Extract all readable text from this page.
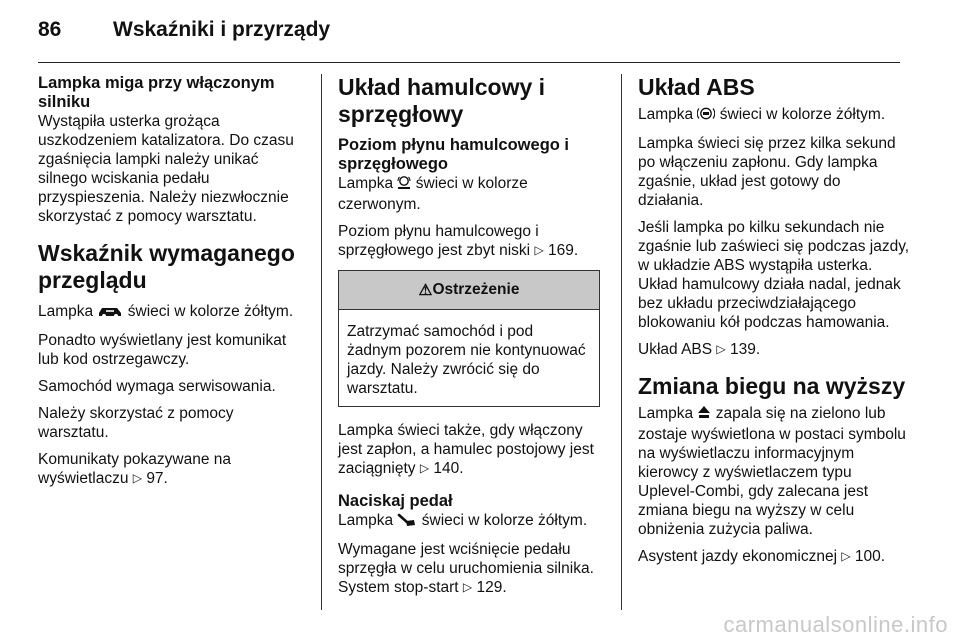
86 Wskaźniki i przyrządy
Lampka miga przy włączonym silniku

Wystąpiła usterka grożąca uszkodzeniem katalizatora. Do czasu zgaśnięcia lampki należy unikać silnego wciskania pedału przyspieszenia. Należy niezwłocznie skorzystać z pomocy warsztatu.

Wskaźnik wymaganego przeglądu

Lampka świeci w kolorze żółtym.

Ponadto wyświetlany jest komunikat lub kod ostrzegawczy.

Samochód wymaga serwisowania.

Należy skorzystać z pomocy warsztatu.

Komunikaty pokazywane na wyświetlaczu ▷ 97.

Układ hamulcowy i sprzęgłowy
Poziom płynu hamulcowego i sprzęgłowego

Lampka świeci w kolorze czerwonym.

Poziom płynu hamulcowego i sprzęgłowego jest zbyt niski ▷ 169.

⚠ Ostrzeżenie
Zatrzymać samochód i pod żadnym pozorem nie kontynuować jazdy. Należy zwrócić się do warsztatu.

Lampka świeci także, gdy włączony jest zapłon, a hamulec postojowy jest zaciągnięty ▷ 140.

Naciskaj pedał

Lampka świeci w kolorze żółtym.

Wymagane jest wciśnięcie pedału sprzęgła w celu uruchomienia silnika.

System stop-start ▷ 129.

Układ ABS

Lampka świeci w kolorze żółtym.

Lampka świeci się przez kilka sekund po włączeniu zapłonu. Gdy lampka zgaśnie, układ jest gotowy do działania.

Jeśli lampka po kilku sekundach nie zgaśnie lub zaświeci się podczas jazdy, w układzie ABS wystąpiła usterka. Układ hamulcowy działa nadal, jednak bez układu przeciwdziałającego blokowaniu kół podczas hamowania.

Układ ABS ▷ 139.

Zmiana biegu na wyższy

Lampka zapala się na zielono lub zostaje wyświetlona w postaci symbolu na wyświetlaczu informacyjnym kierowcy z wyświetlaczem typu Uplevel-Combi, gdy zalecana jest zmiana biegu na wyższy w celu obniżenia zużycia paliwa.

Asystent jazdy ekonomicznej ▷ 100.

carmanualsonline.info
